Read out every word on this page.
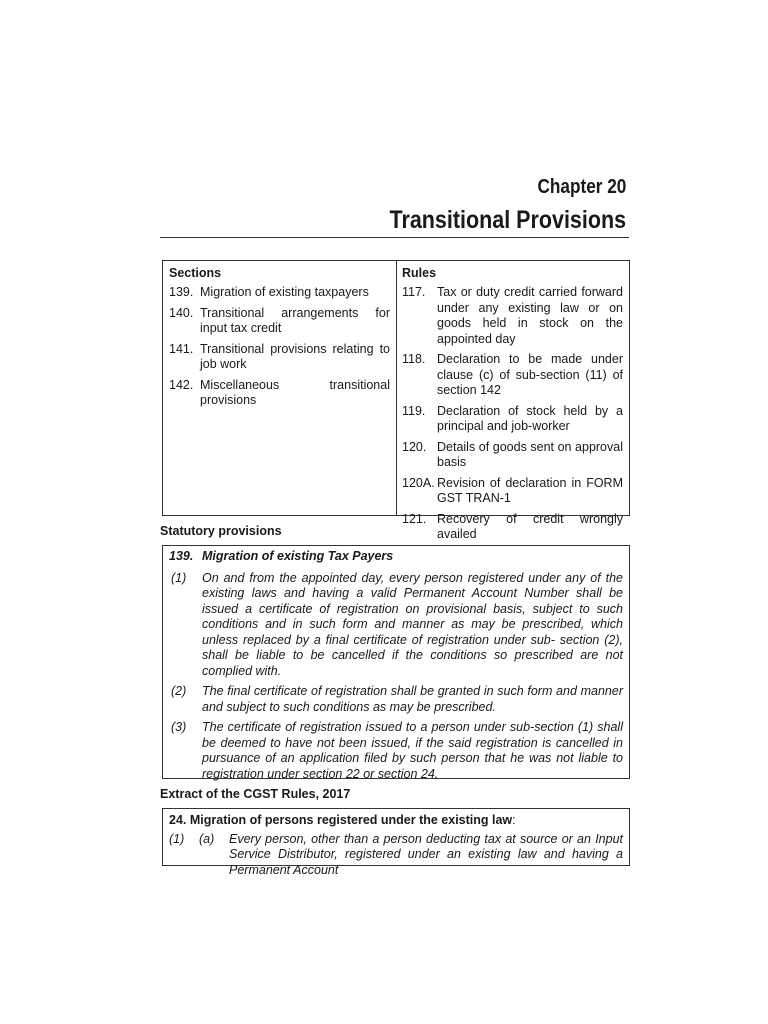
Chapter 20
Transitional Provisions
Sections
139. Migration of existing taxpayers
140. Transitional arrangements for input tax credit
141. Transitional provisions relating to job work
142. Miscellaneous transitional provisions
Rules
117. Tax or duty credit carried forward under any existing law or on goods held in stock on the appointed day
118. Declaration to be made under clause (c) of sub-section (11) of section 142
119. Declaration of stock held by a principal and job-worker
120. Details of goods sent on approval basis
120A. Revision of declaration in FORM GST TRAN-1
121. Recovery of credit wrongly availed
Statutory provisions
139. Migration of existing Tax Payers
(1)	On and from the appointed day, every person registered under any of the existing laws and having a valid Permanent Account Number shall be issued a certificate of registration on provisional basis, subject to such conditions and in such form and manner as may be prescribed, which unless replaced by a final certificate of registration under sub- section (2), shall be liable to be cancelled if the conditions so prescribed are not complied with.
(2)	The final certificate of registration shall be granted in such form and manner and subject to such conditions as may be prescribed.
(3)	The certificate of registration issued to a person under sub-section (1) shall be deemed to have not been issued, if the said registration is cancelled in pursuance of an application filed by such person that he was not liable to registration under section 22 or section 24.
Extract of the CGST Rules, 2017
24. Migration of persons registered under the existing law:
(1)	(a)	Every person, other than a person deducting tax at source or an Input Service Distributor, registered under an existing law and having a Permanent Account
